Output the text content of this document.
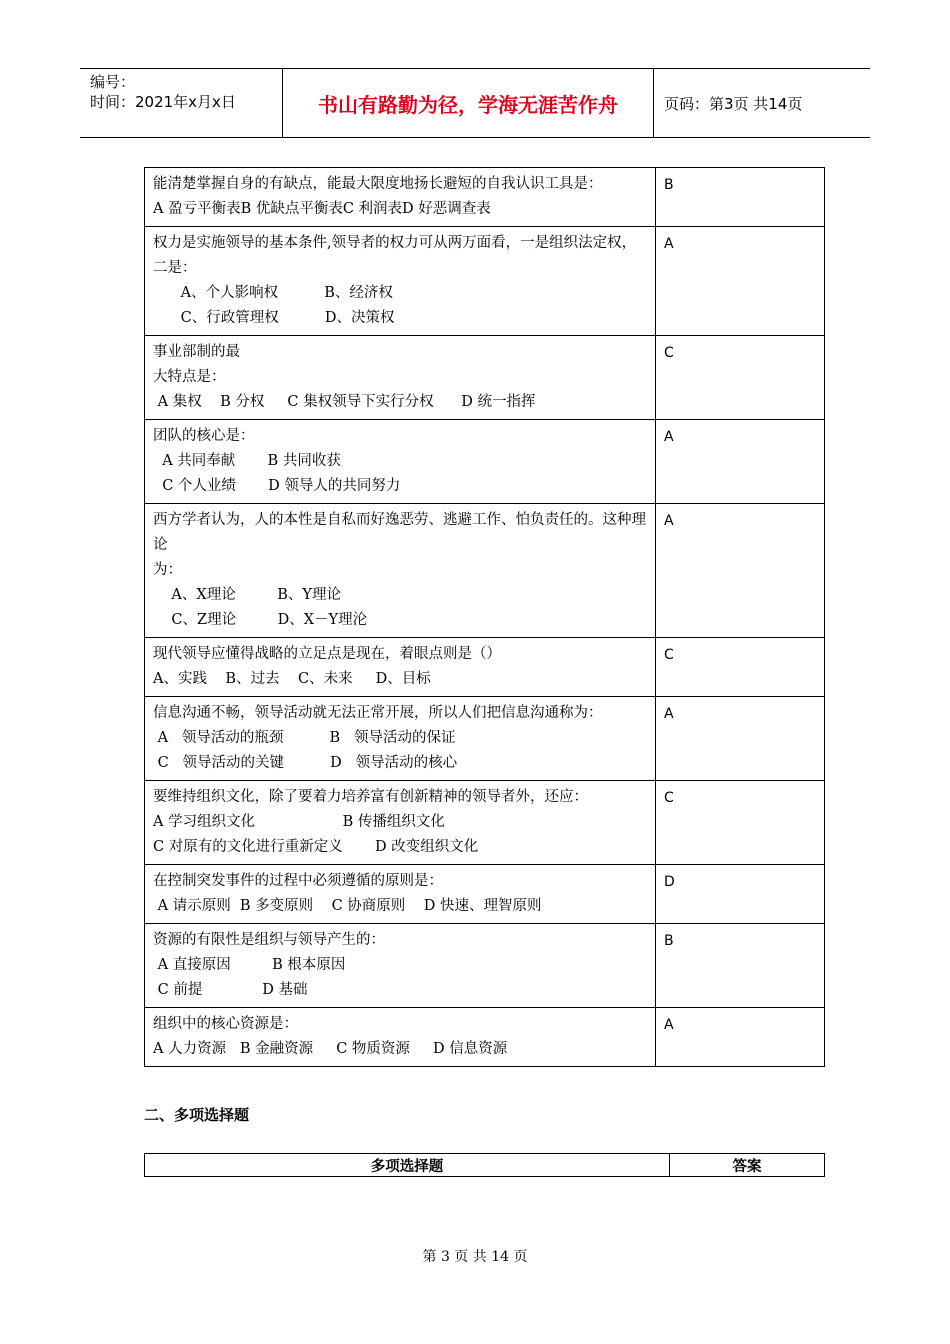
编号：
时间：2021年x月x日	书山有路勤为径，学海无涯苦作舟	页码：第3页 共14页
能清楚掌握自身的有缺点，能最大限度地扬长避短的自我认识工具是：
A 盈亏平衡表B 优缺点平衡表C 利润表D 好恶调查表	B

权力是实施领导的基本条件,领导者的权力可从两万面看，一是组织法定权，二是：
A、个人影响权          B、经济权
C、行政管理权          D、决策权	A

事业部制的最
大特点是：
A 集权    B 分权     C 集权领导下实行分权      D 统一指挥	C

团队的核心是：
A 共同奉献       B 共同收获
C 个人业绩       D 领导人的共同努力	A

西方学者认为，人的本性是自私而好逸恶劳、逃避工作、怕负责任的。这种理论
为：
A、X理论         B、Y理论
C、Z理论         D、X－Y理沦	A

现代领导应懂得战略的立足点是现在，着眼点则是（）
A、实践    B、过去    C、未来     D、目标	C

信息沟通不畅，领导活动就无法正常开展，所以人们把信息沟通称为：
A   领导活动的瓶颈          B   领导活动的保证
C   领导活动的关键          D   领导活动的核心	A

要维持组织文化，除了要着力培养富有创新精神的领导者外，还应：
A 学习组织文化                   B 传播组织文化
C 对原有的文化进行重新定义       D 改变组织文化	C

在控制突发事件的过程中必须遵循的原则是：
A 请示原则  B 多变原则    C 协商原则    D 快速、理智原则	D

资源的有限性是组织与领导产生的：
A 直接原因         B 根本原因
C 前提             D 基础	B

组织中的核心资源是：
A 人力资源   B 金融资源     C 物质资源     D 信息资源	A
二、多项选择题
多项选择题	答案
第 3 页 共 14 页
